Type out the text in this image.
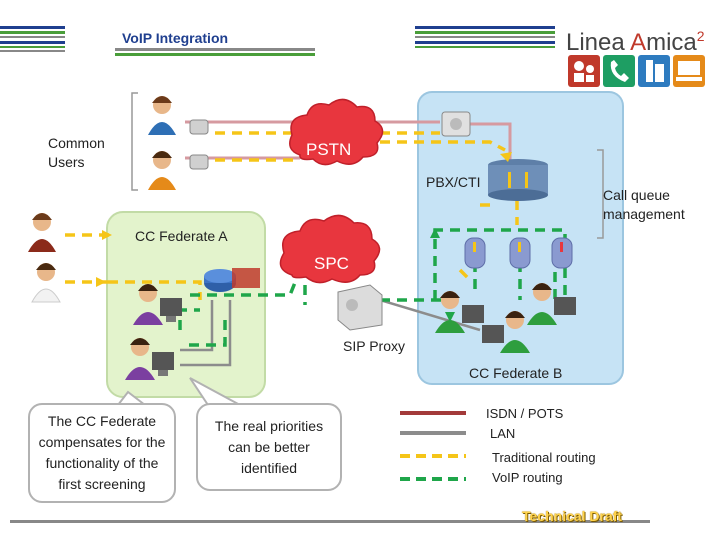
VoIP Integration	Linea Amica$^2$
Common
Users
PSTN
PBX/CTI
Call queue
management
CC Federate A
SPC
SIP Proxy
CC Federate B
The CC Federate compensates for the functionality of the first screening
The real priorities can be better identified
ISDN / POTS
LAN
Traditional routing
VoIP routing
Technical Draft
